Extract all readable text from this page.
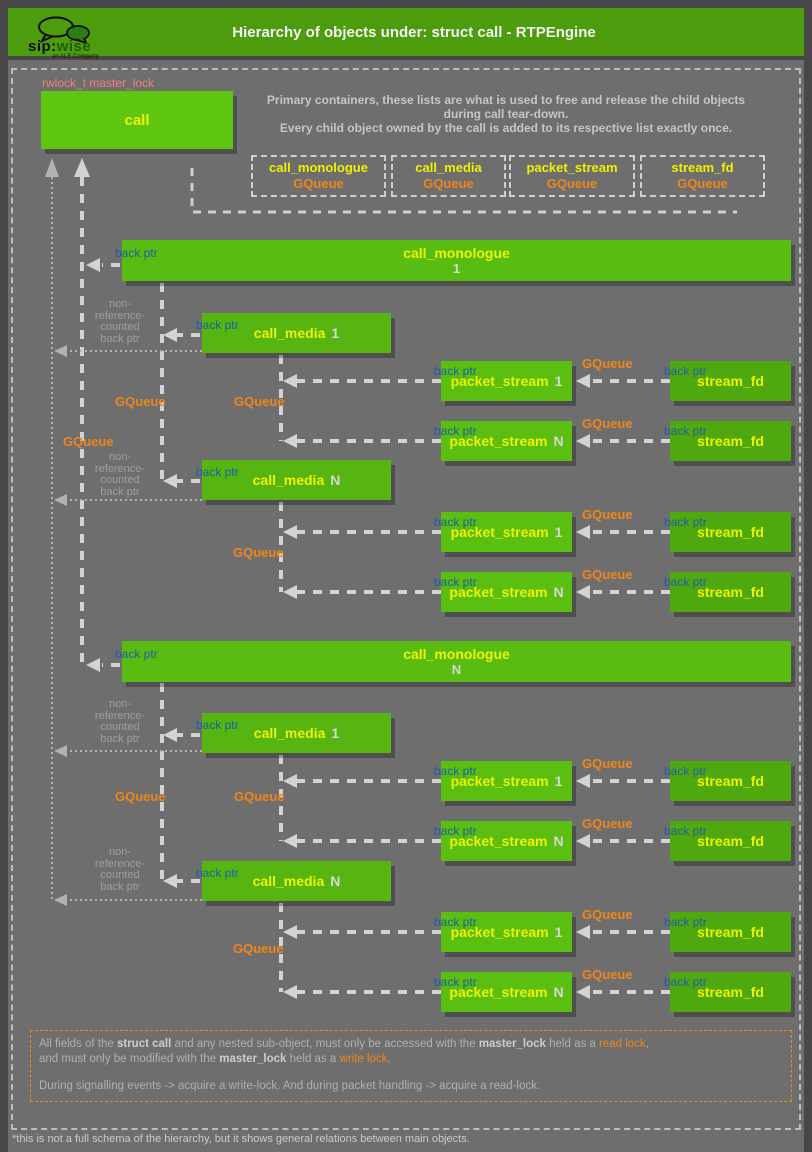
sip:wise
an ALE Company
Hierarchy of objects under: struct call - RTPEngine
rwlock_t master_lock
call
Primary containers, these lists are what is used to free and release the child objects
during call tear-down.
Every child object owned by the call is added to its respective list exactly once.
call_monologue
GQueue
call_media
GQueue
packet_stream
GQueue
stream_fd
GQueue
call_monologue
1
call_monologue
N
call_media 1
call_media N
call_media 1
call_media N
packet_stream 1
packet_stream N
packet_stream 1
packet_stream N
packet_stream 1
packet_stream N
packet_stream 1
packet_stream N
stream_fd
stream_fd
stream_fd
stream_fd
stream_fd
stream_fd
stream_fd
stream_fd
back ptr
back ptr
back ptr
back ptr
back ptr
back ptr
back ptr
back ptr
back ptr
back ptr
back ptr
back ptr
back ptr
back ptr
back ptr
back ptr
back ptr
back ptr
back ptr
back ptr
back ptr
back ptr
GQueue	GQueue
GQueue
GQueue
GQueue	GQueue
GQueue
GQueue
GQueue
GQueue
GQueue
GQueue
GQueue
GQueue
GQueue
non-
reference-
counted
back ptr
non-
reference-
counted
back ptr
non-
reference-
counted
back ptr
non-
reference-
counted
back ptr
All fields of the struct call and any nested sub-object, must only be accessed with the master_lock held as a read lock,
and must only be modified with the master_lock held as a write lock.
During signalling events -> acquire a write-lock. And during packet handling -> acquire a read-lock.
*this is not a full schema of the hierarchy, but it shows general relations between main objects.
